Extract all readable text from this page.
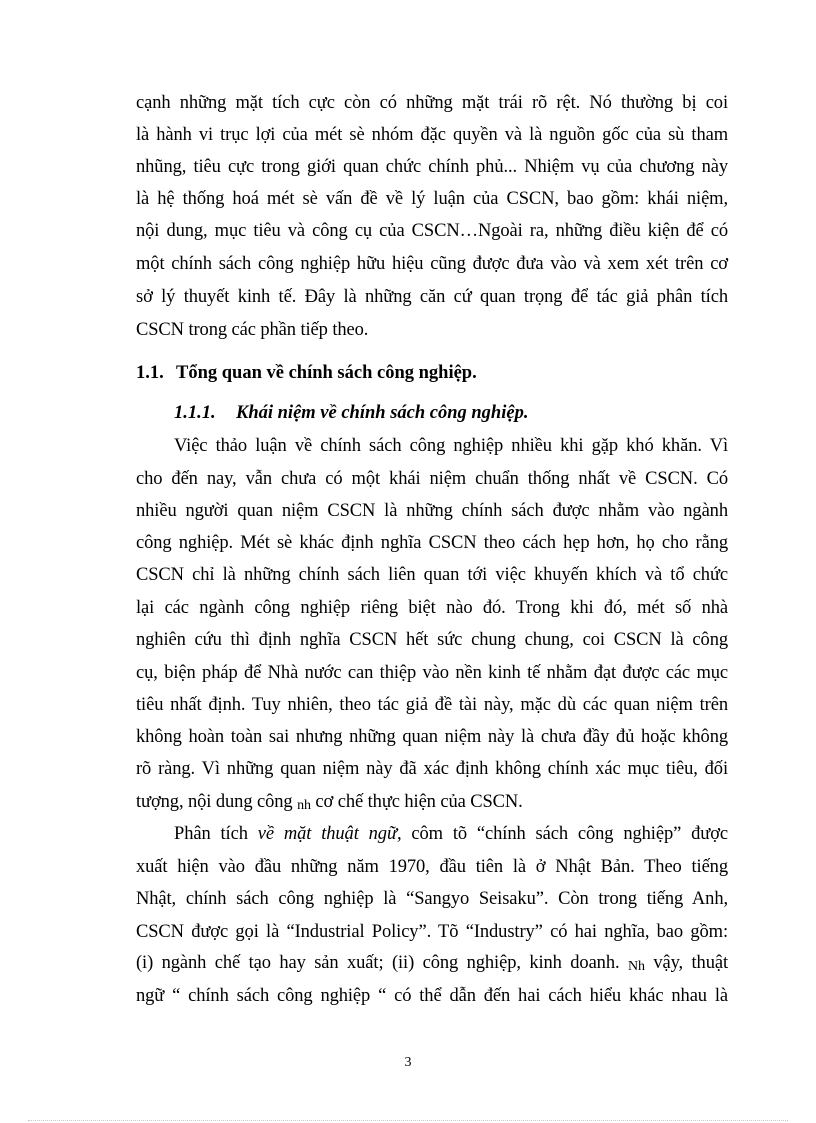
cạnh những mặt tích cực còn có những mặt trái rõ rệt. Nó thường bị coi
là hành vi trục lợi của mét sè nhóm đặc quyền và là nguồn gốc của sù tham
nhũng, tiêu cực trong giới quan chức chính phủ... Nhiệm vụ của chương này
là hệ thống hoá mét sè vấn đề về lý luận của CSCN, bao gồm: khái niệm,
nội dung, mục tiêu và công cụ của CSCN…Ngoài ra, những điều kiện để có
một chính sách công nghiệp hữu hiệu cũng được đưa vào và xem xét trên cơ
sở lý thuyết kinh tế. Đây là những căn cứ quan trọng để tác giả phân tích
CSCN trong các phần tiếp theo.
1.1. Tổng quan về chính sách công nghiệp.
1.1.1. Khái niệm về chính sách công nghiệp.
Việc thảo luận về chính sách công nghiệp nhiều khi gặp khó khăn. Vì
cho đến nay, vẫn chưa có một khái niệm chuẩn thống nhất về CSCN. Có
nhiều người quan niệm CSCN là những chính sách được nhằm vào ngành
công nghiệp. Mét sè khác định nghĩa CSCN theo cách hẹp hơn, họ cho rằng
CSCN chỉ là những chính sách liên quan tới việc khuyến khích và tổ chức
lại các ngành công nghiệp riêng biệt nào đó. Trong khi đó, mét số nhà
nghiên cứu thì định nghĩa CSCN hết sức chung chung, coi CSCN là công
cụ, biện pháp để Nhà nước can thiệp vào nền kinh tế nhằm đạt được các mục
tiêu nhất định. Tuy nhiên, theo tác giả đề tài này, mặc dù các quan niệm trên
không hoàn toàn sai nhưng những quan niệm này là chưa đầy đủ hoặc không
rõ ràng. Vì những quan niệm này đã xác định không chính xác mục tiêu, đối
tượng, nội dung công nh cơ chế thực hiện của CSCN.
Phân tích về mặt thuật ngữ, côm tõ “chính sách công nghiệp” được
xuất hiện vào đầu những năm 1970, đầu tiên là ở Nhật Bản. Theo tiếng
Nhật, chính sách công nghiệp là “Sangyo Seisaku”. Còn trong tiếng Anh,
CSCN được gọi là “Industrial Policy”. Tõ “Industry” có hai nghĩa, bao gồm:
(i) ngành chế tạo hay sản xuất; (ii) công nghiệp, kinh doanh. Nh vậy, thuật
ngữ “ chính sách công nghiệp “ có thể dẫn đến hai cách hiểu khác nhau là
3
